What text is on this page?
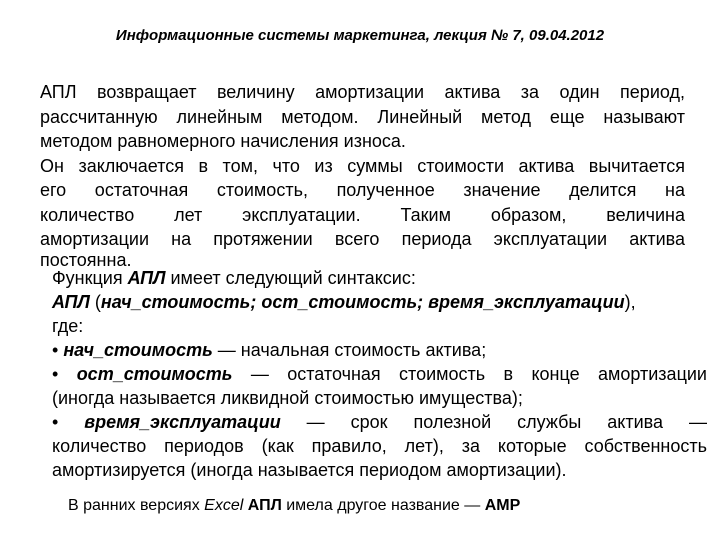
Информационные системы маркетинга, лекция № 7, 09.04.2012
АПЛ возвращает величину амортизации актива за один период,
рассчитанную линейным методом. Линейный метод еще называют
методом равномерного начисления износа.
Он заключается в том, что из суммы стоимости актива вычитается
его остаточная стоимость, полученное значение делится на
количество лет эксплуатации. Таким образом, величина
амортизации на протяжении всего периода эксплуатации актива
постоянна.
Функция АПЛ имеет следующий синтаксис:
АПЛ (нач_стоимость; ост_стоимость; время_эксплуатации),
где:
• нач_стоимость — начальная стоимость актива;
• ост_стоимость — остаточная стоимость в конце амортизации
(иногда называется ликвидной стоимостью имущества);
• время_эксплуатации — срок полезной службы актива —
количество периодов (как правило, лет), за которые собственность
амортизируется (иногда называется периодом амортизации).
В ранних версиях Excel АПЛ имела другое название — АМР
